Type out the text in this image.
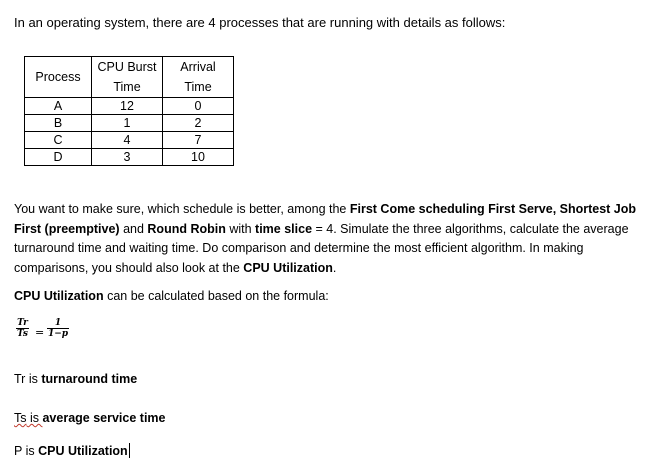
In an operating system, there are 4 processes that are running with details as follows:
Process	CPU Burst	Arrival
	Time	Time
A	12	0
B	1	2
C	4	7
D	3	10
You want to make sure, which schedule is better, among the First Come scheduling First Serve, Shortest Job First (preemptive) and Round Robin with time slice = 4. Simulate the three algorithms, calculate the average turnaround time and waiting time. Do comparison and determine the most efficient algorithm. In making comparisons, you should also look at the CPU Utilization.
CPU Utilization can be calculated based on the formula:
$\frac{Tr}{Ts} = \frac{1}{1-p}$
Tr is turnaround time
Ts is average service time
P is CPU Utilization
